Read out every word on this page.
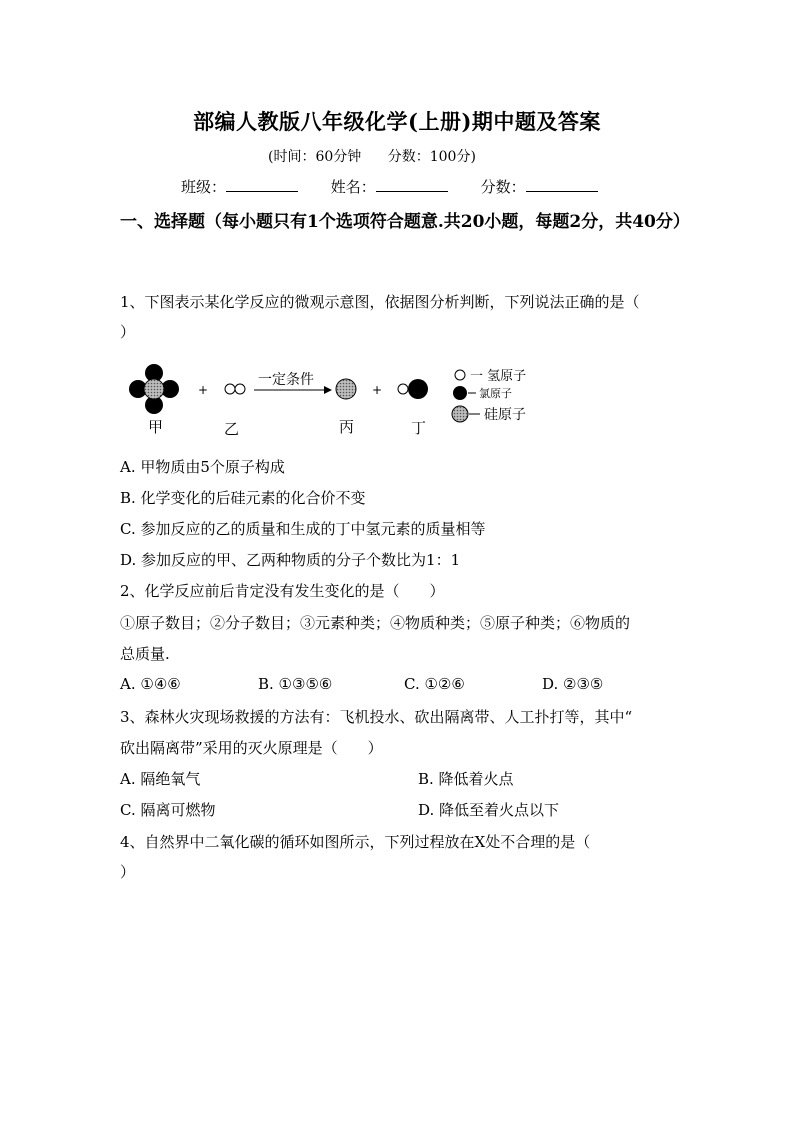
部编人教版八年级化学(上册)期中题及答案
(时间：60分钟 分数：100分)
班级：	姓名：	分数：
一、选择题（每小题只有1个选项符合题意.共20小题，每题2分，共40分）
1、下图表示某化学反应的微观示意图，依据图分析判断，下列说法正确的是（
）
+
一定条件
+
甲	乙	丙	丁
一 氢原子
氯原子
硅原子
A. 甲物质由5个原子构成
B. 化学变化的后硅元素的化合价不变
C. 参加反应的乙的质量和生成的丁中氢元素的质量相等
D. 参加反应的甲、乙两种物质的分子个数比为1：1
2、化学反应前后肯定没有发生变化的是（　　）
①原子数目；②分子数目；③元素种类；④物质种类；⑤原子种类；⑥物质的
总质量.
A. ①④⑥	B. ①③⑤⑥	C. ①②⑥	D. ②③⑤
3、森林火灾现场救援的方法有：飞机投水、砍出隔离带、人工扑打等，其中“
砍出隔离带”采用的灭火原理是（　　）
A. 隔绝氧气	B. 降低着火点
C. 隔离可燃物	D. 降低至着火点以下
4、自然界中二氧化碳的循环如图所示，下列过程放在X处不合理的是（
）
